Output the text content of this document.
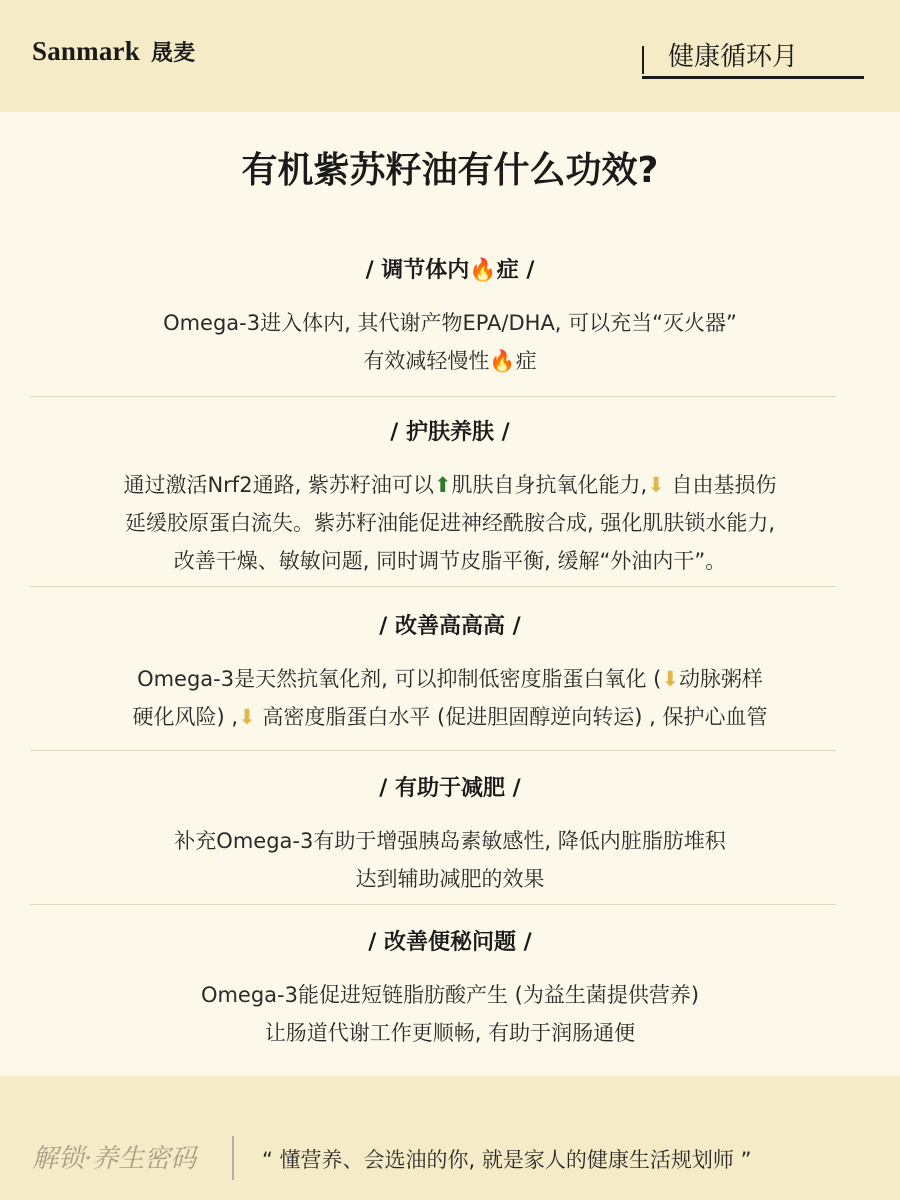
Sanmark 晟麦	健康循环月
有机紫苏籽油有什么功效?
/ 调节体内🔥症 /
Omega-3进入体内, 其代谢产物EPA/DHA, 可以充当“灭火器”
有效减轻慢性🔥症
/ 护肤养肤 /
通过激活Nrf2通路, 紫苏籽油可以⬆肌肤自身抗氧化能力,⬇ 自由基损伤
延缓胶原蛋白流失。紫苏籽油能促进神经酰胺合成, 强化肌肤锁水能力,
改善干燥、敏敏问题, 同时调节皮脂平衡, 缓解“外油内干”。
/ 改善高高高 /
Omega-3是天然抗氧化剂, 可以抑制低密度脂蛋白氧化 (⬇动脉粥样
硬化风险) ,⬇ 高密度脂蛋白水平 (促进胆固醇逆向转运) , 保护心血管
/ 有助于减肥 /
补充Omega-3有助于增强胰岛素敏感性, 降低内脏脂肪堆积
达到辅助减肥的效果
/ 改善便秘问题 /
Omega-3能促进短链脂肪酸产生 (为益生菌提供营养)
让肠道代谢工作更顺畅, 有助于润肠通便
解锁·养生密码	“ 懂营养、会选油的你, 就是家人的健康生活规划师 ”
